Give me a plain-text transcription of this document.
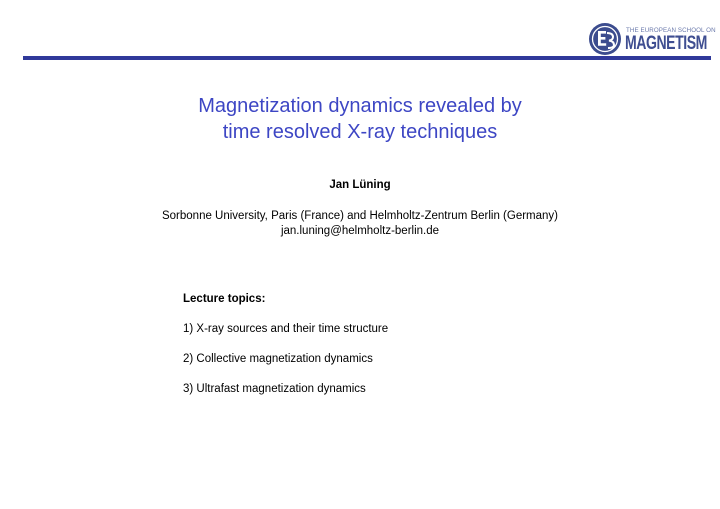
THE EUROPEAN SCHOOL ON
MAGNETISM
Magnetization dynamics revealed by
time resolved X-ray techniques
Jan Lüning
Sorbonne University, Paris (France) and Helmholtz-Zentrum Berlin (Germany)
jan.luning@helmholtz-berlin.de
Lecture topics:
1) X-ray sources and their time structure
2) Collective magnetization dynamics
3) Ultrafast magnetization dynamics
